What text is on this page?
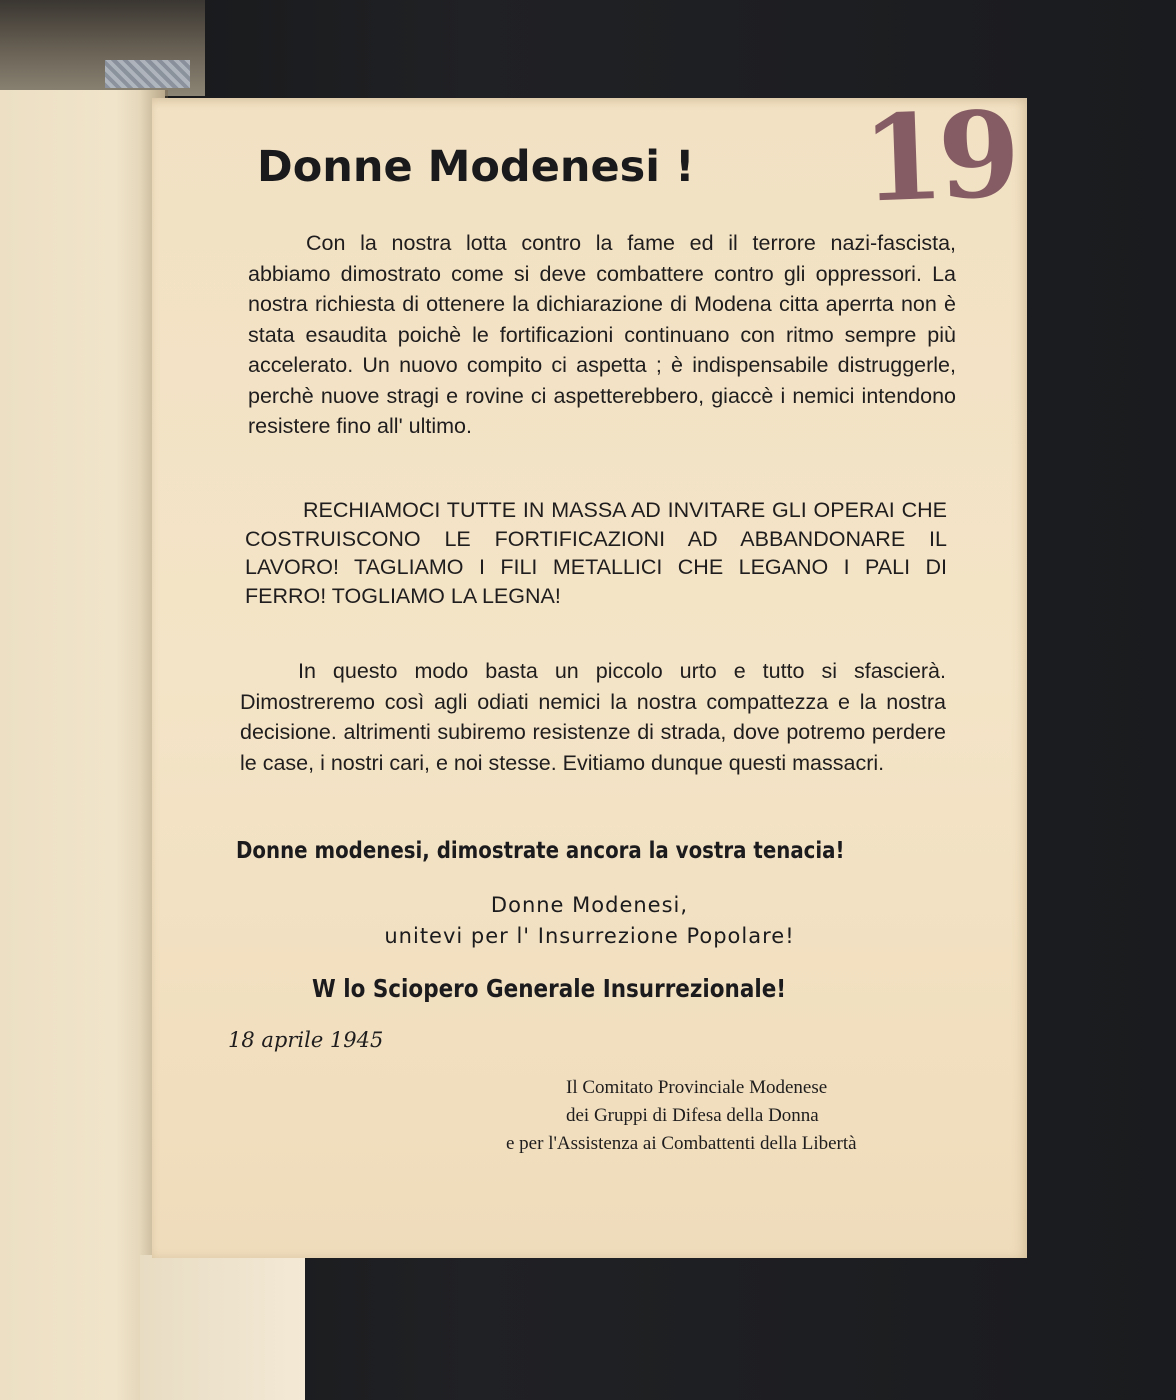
19
Donne Modenesi !

Con la nostra lotta contro la fame ed il terrore nazi-fascista, abbiamo dimostrato come si deve combattere contro gli oppressori. La nostra richiesta di ottenere la dichiarazione di Modena citta aperrta non è stata esaudita poichè le fortificazioni continuano con ritmo sempre più accelerato. Un nuovo compito ci aspetta ; è indispensabile distruggerle, perchè nuove stragi e rovine ci aspetterebbero, giaccè i nemici intendono resistere fino all' ultimo.

RECHIAMOCI TUTTE IN MASSA AD INVITARE GLI OPERAI CHE COSTRUISCONO LE FORTIFICAZIONI AD ABBANDONARE IL LAVORO! TAGLIAMO I FILI METALLICI CHE LEGANO I PALI DI FERRO! TOGLIAMO LA LEGNA!

In questo modo basta un piccolo urto e tutto si sfascierà. Dimostreremo così agli odiati nemici la nostra compattezza e la nostra decisione. altrimenti subiremo resistenze di strada, dove potremo perdere le case, i nostri cari, e noi stesse. Evitiamo dunque questi massacri.

Donne modenesi, dimostrate ancora la vostra tenacia!

Donne Modenesi,

unitevi per l' Insurrezione Popolare!

W lo Sciopero Generale Insurrezionale!

18 aprile 1945

Il Comitato Provinciale Modenese
dei Gruppi di Difesa della Donna
e per l'Assistenza ai Combattenti della Libertà
